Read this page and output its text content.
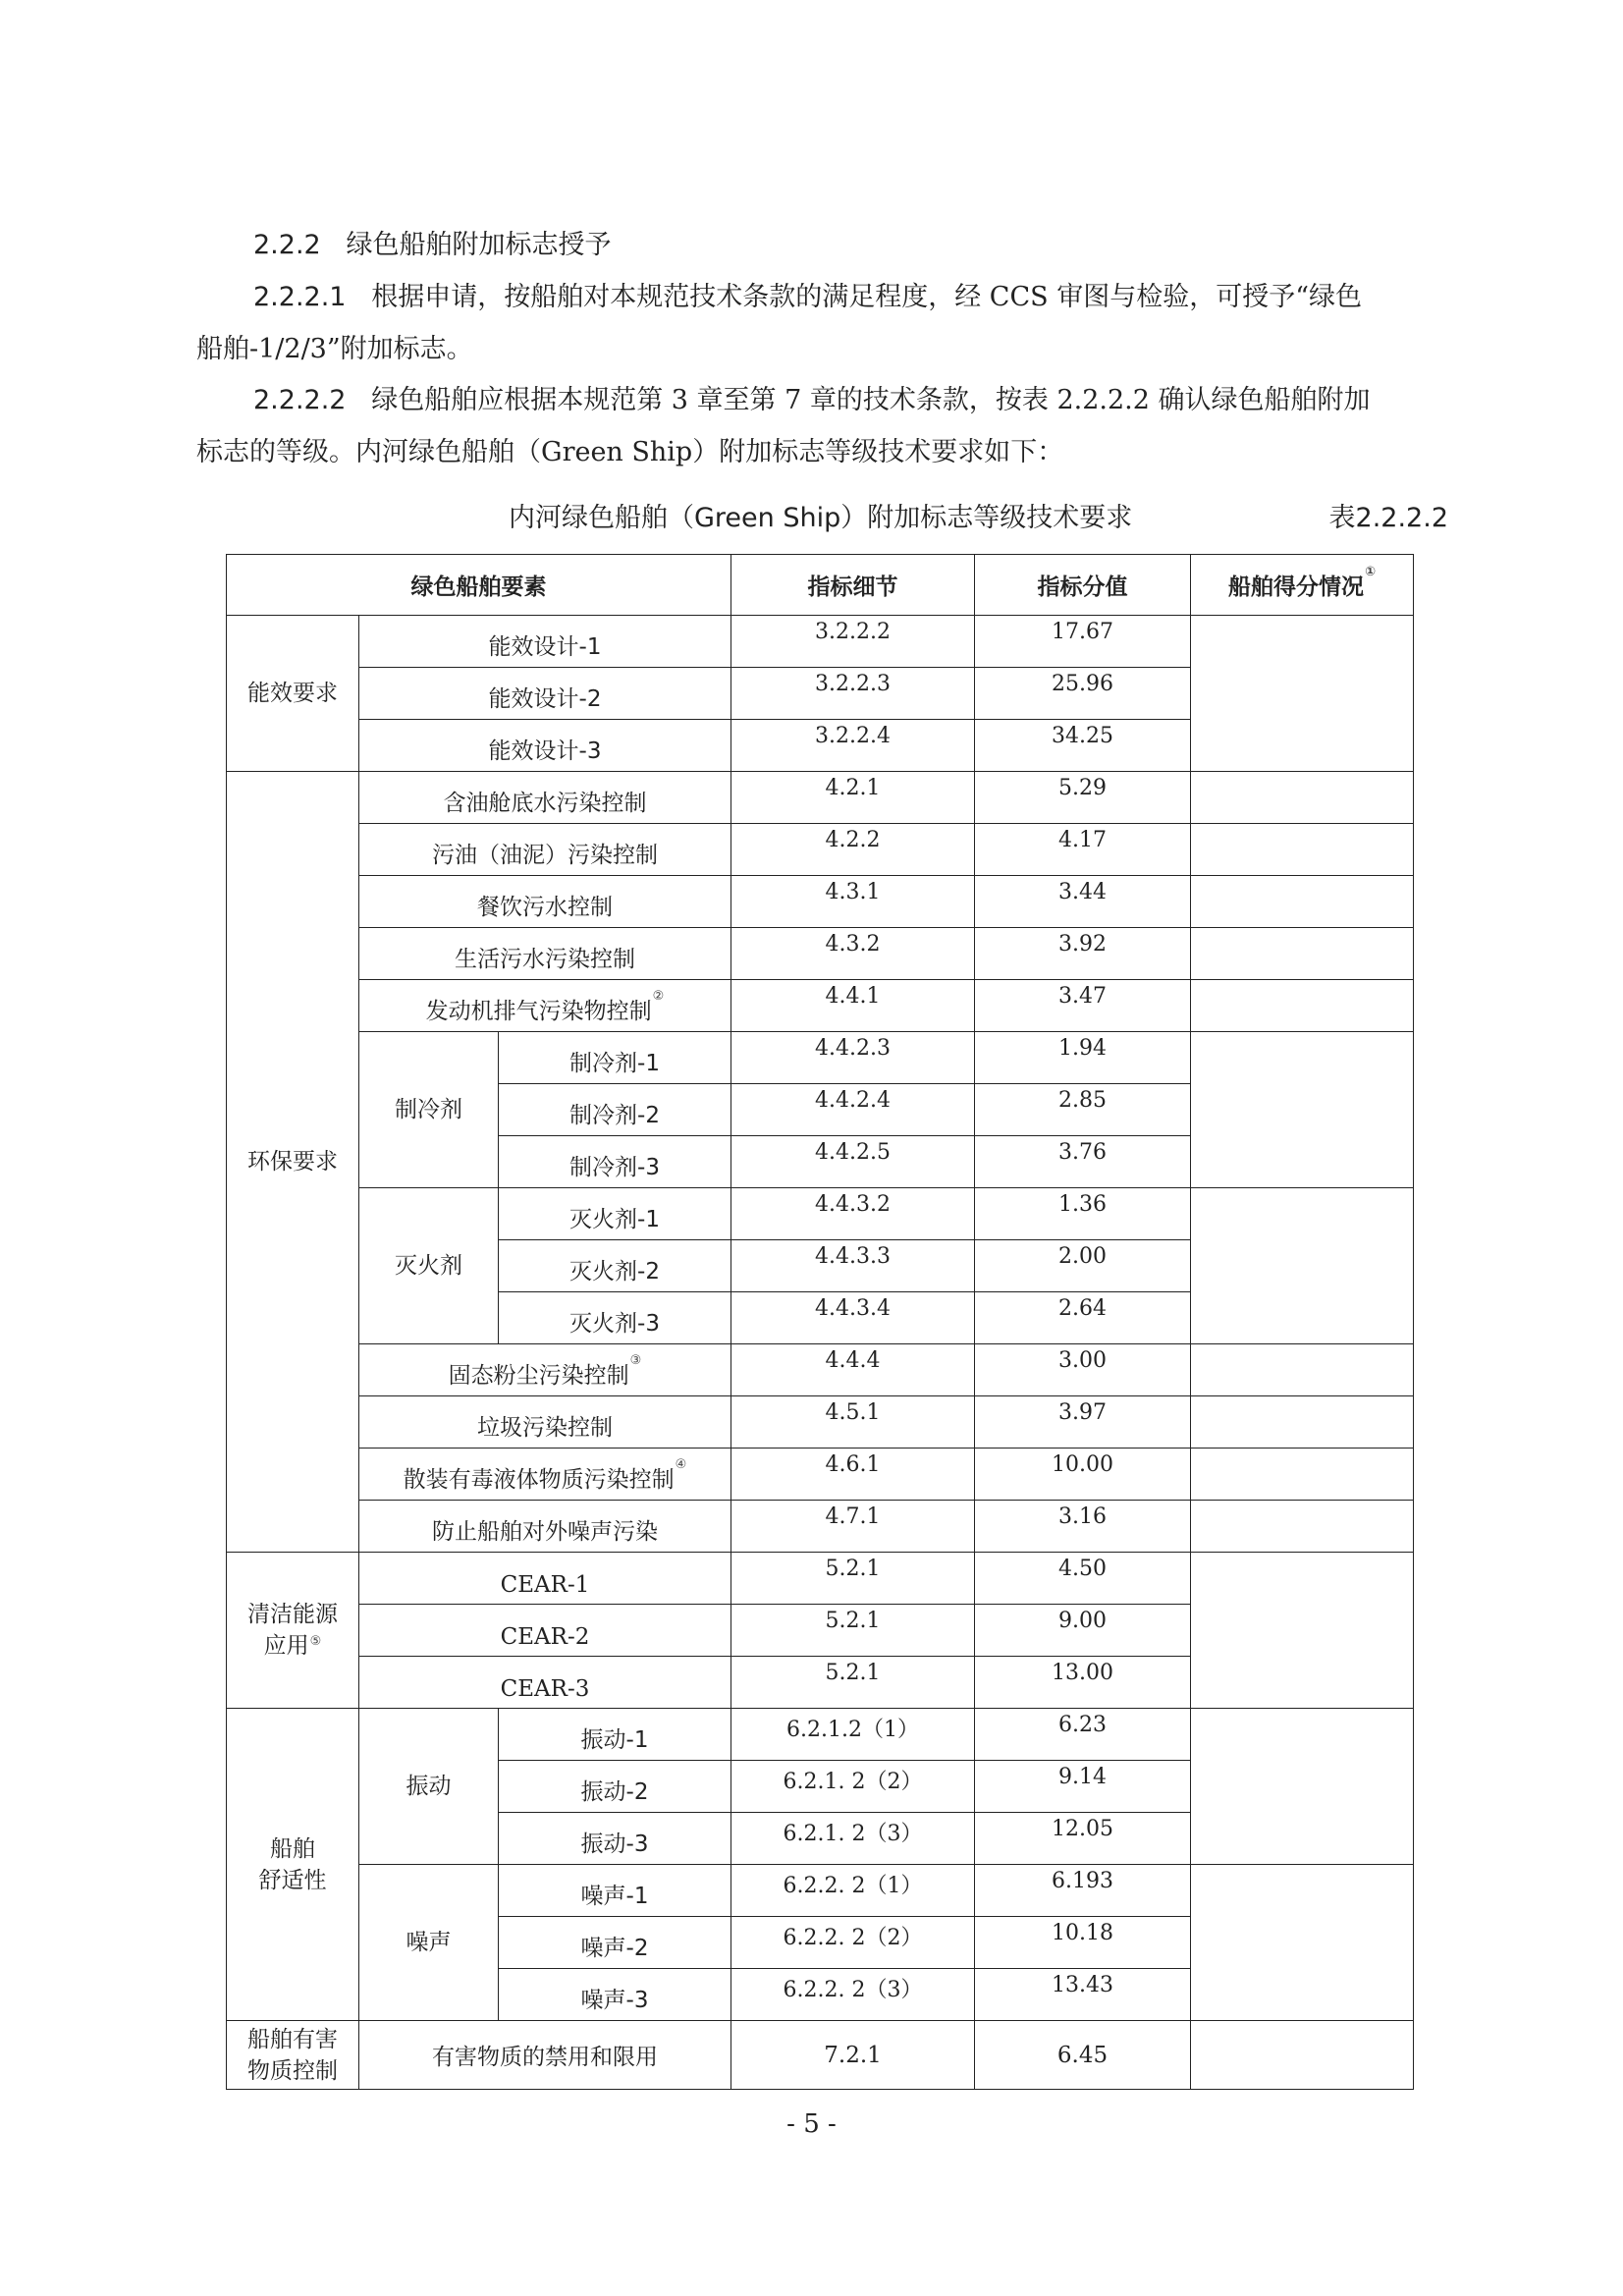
2.2.2 绿色船舶附加标志授予
2.2.2.1 根据申请，按船舶对本规范技术条款的满足程度，经 CCS 审图与检验，可授予“绿色
船舶-1/2/3”附加标志。
2.2.2.2 绿色船舶应根据本规范第 3 章至第 7 章的技术条款，按表 2.2.2.2 确认绿色船舶附加
标志的等级。内河绿色船舶（Green Ship）附加标志等级技术要求如下：
内河绿色船舶（Green Ship）附加标志等级技术要求	表2.2.2.2
绿色船舶要素			指标细节	指标分值	船舶得分情况①
能效要求	能效设计-1		3.2.2.2	17.67	
	能效设计-2		3.2.2.3	25.96	
	能效设计-3		3.2.2.4	34.25	
环保要求	含油舱底水污染控制		4.2.1	5.29	
	污油（油泥）污染控制		4.2.2	4.17	
	餐饮污水控制		4.3.1	3.44	
	生活污水污染控制		4.3.2	3.92	
	发动机排气污染物控制②		4.4.1	3.47	
	制冷剂	制冷剂-1	4.4.2.3	1.94	
		制冷剂-2	4.4.2.4	2.85	
		制冷剂-3	4.4.2.5	3.76	
	灭火剂	灭火剂-1	4.4.3.2	1.36	
		灭火剂-2	4.4.3.3	2.00	
		灭火剂-3	4.4.3.4	2.64	
	固态粉尘污染控制③		4.4.4	3.00	
	垃圾污染控制		4.5.1	3.97	
	散装有毒液体物质污染控制④		4.6.1	10.00	
	防止船舶对外噪声污染		4.7.1	3.16	
清洁能源
应用⑤	CEAR-1		5.2.1	4.50	
	CEAR-2		5.2.1	9.00	
	CEAR-3		5.2.1	13.00	
船舶
舒适性	振动	振动-1	6.2.1.2（1）	6.23	
		振动-2	6.2.1. 2（2）	9.14	
		振动-3	6.2.1. 2（3）	12.05	
	噪声	噪声-1	6.2.2. 2（1）	6.193	
		噪声-2	6.2.2. 2（2）	10.18	
		噪声-3	6.2.2. 2（3）	13.43	
船舶有害
物质控制	有害物质的禁用和限用		7.2.1	6.45	
- 5 -
